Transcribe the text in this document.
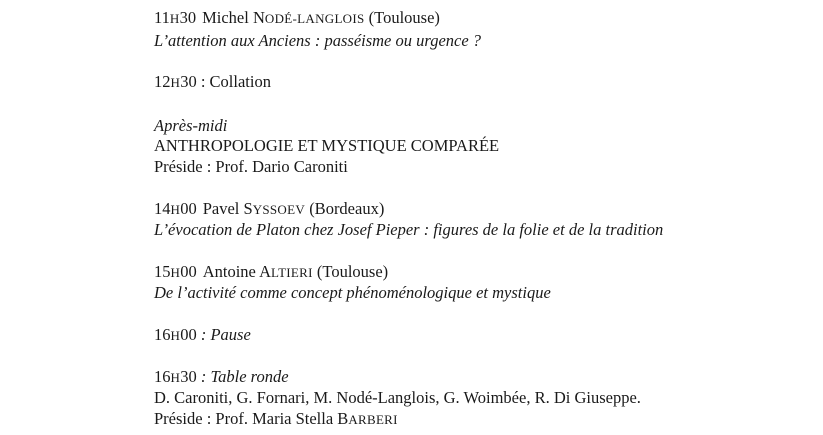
11H30 Michel NODÉ-LANGLOIS (Toulouse)
L’attention aux Anciens : passéisme ou urgence ?
12H30 : Collation
Après-midi
ANTHROPOLOGIE ET MYSTIQUE COMPARÉE
Préside : Prof. Dario Caroniti
14H00 Pavel SYSSOEV (Bordeaux)
L’évocation de Platon chez Josef Pieper : figures de la folie et de la tradition
15H00 Antoine ALTIERI (Toulouse)
De l’activité comme concept phénoménologique et mystique
16H00 : Pause
16H30 : Table ronde
D. Caroniti, G. Fornari, M. Nodé-Langlois, G. Woimbée, R. Di Giuseppe.
Préside : Prof. Maria Stella BARBERI
